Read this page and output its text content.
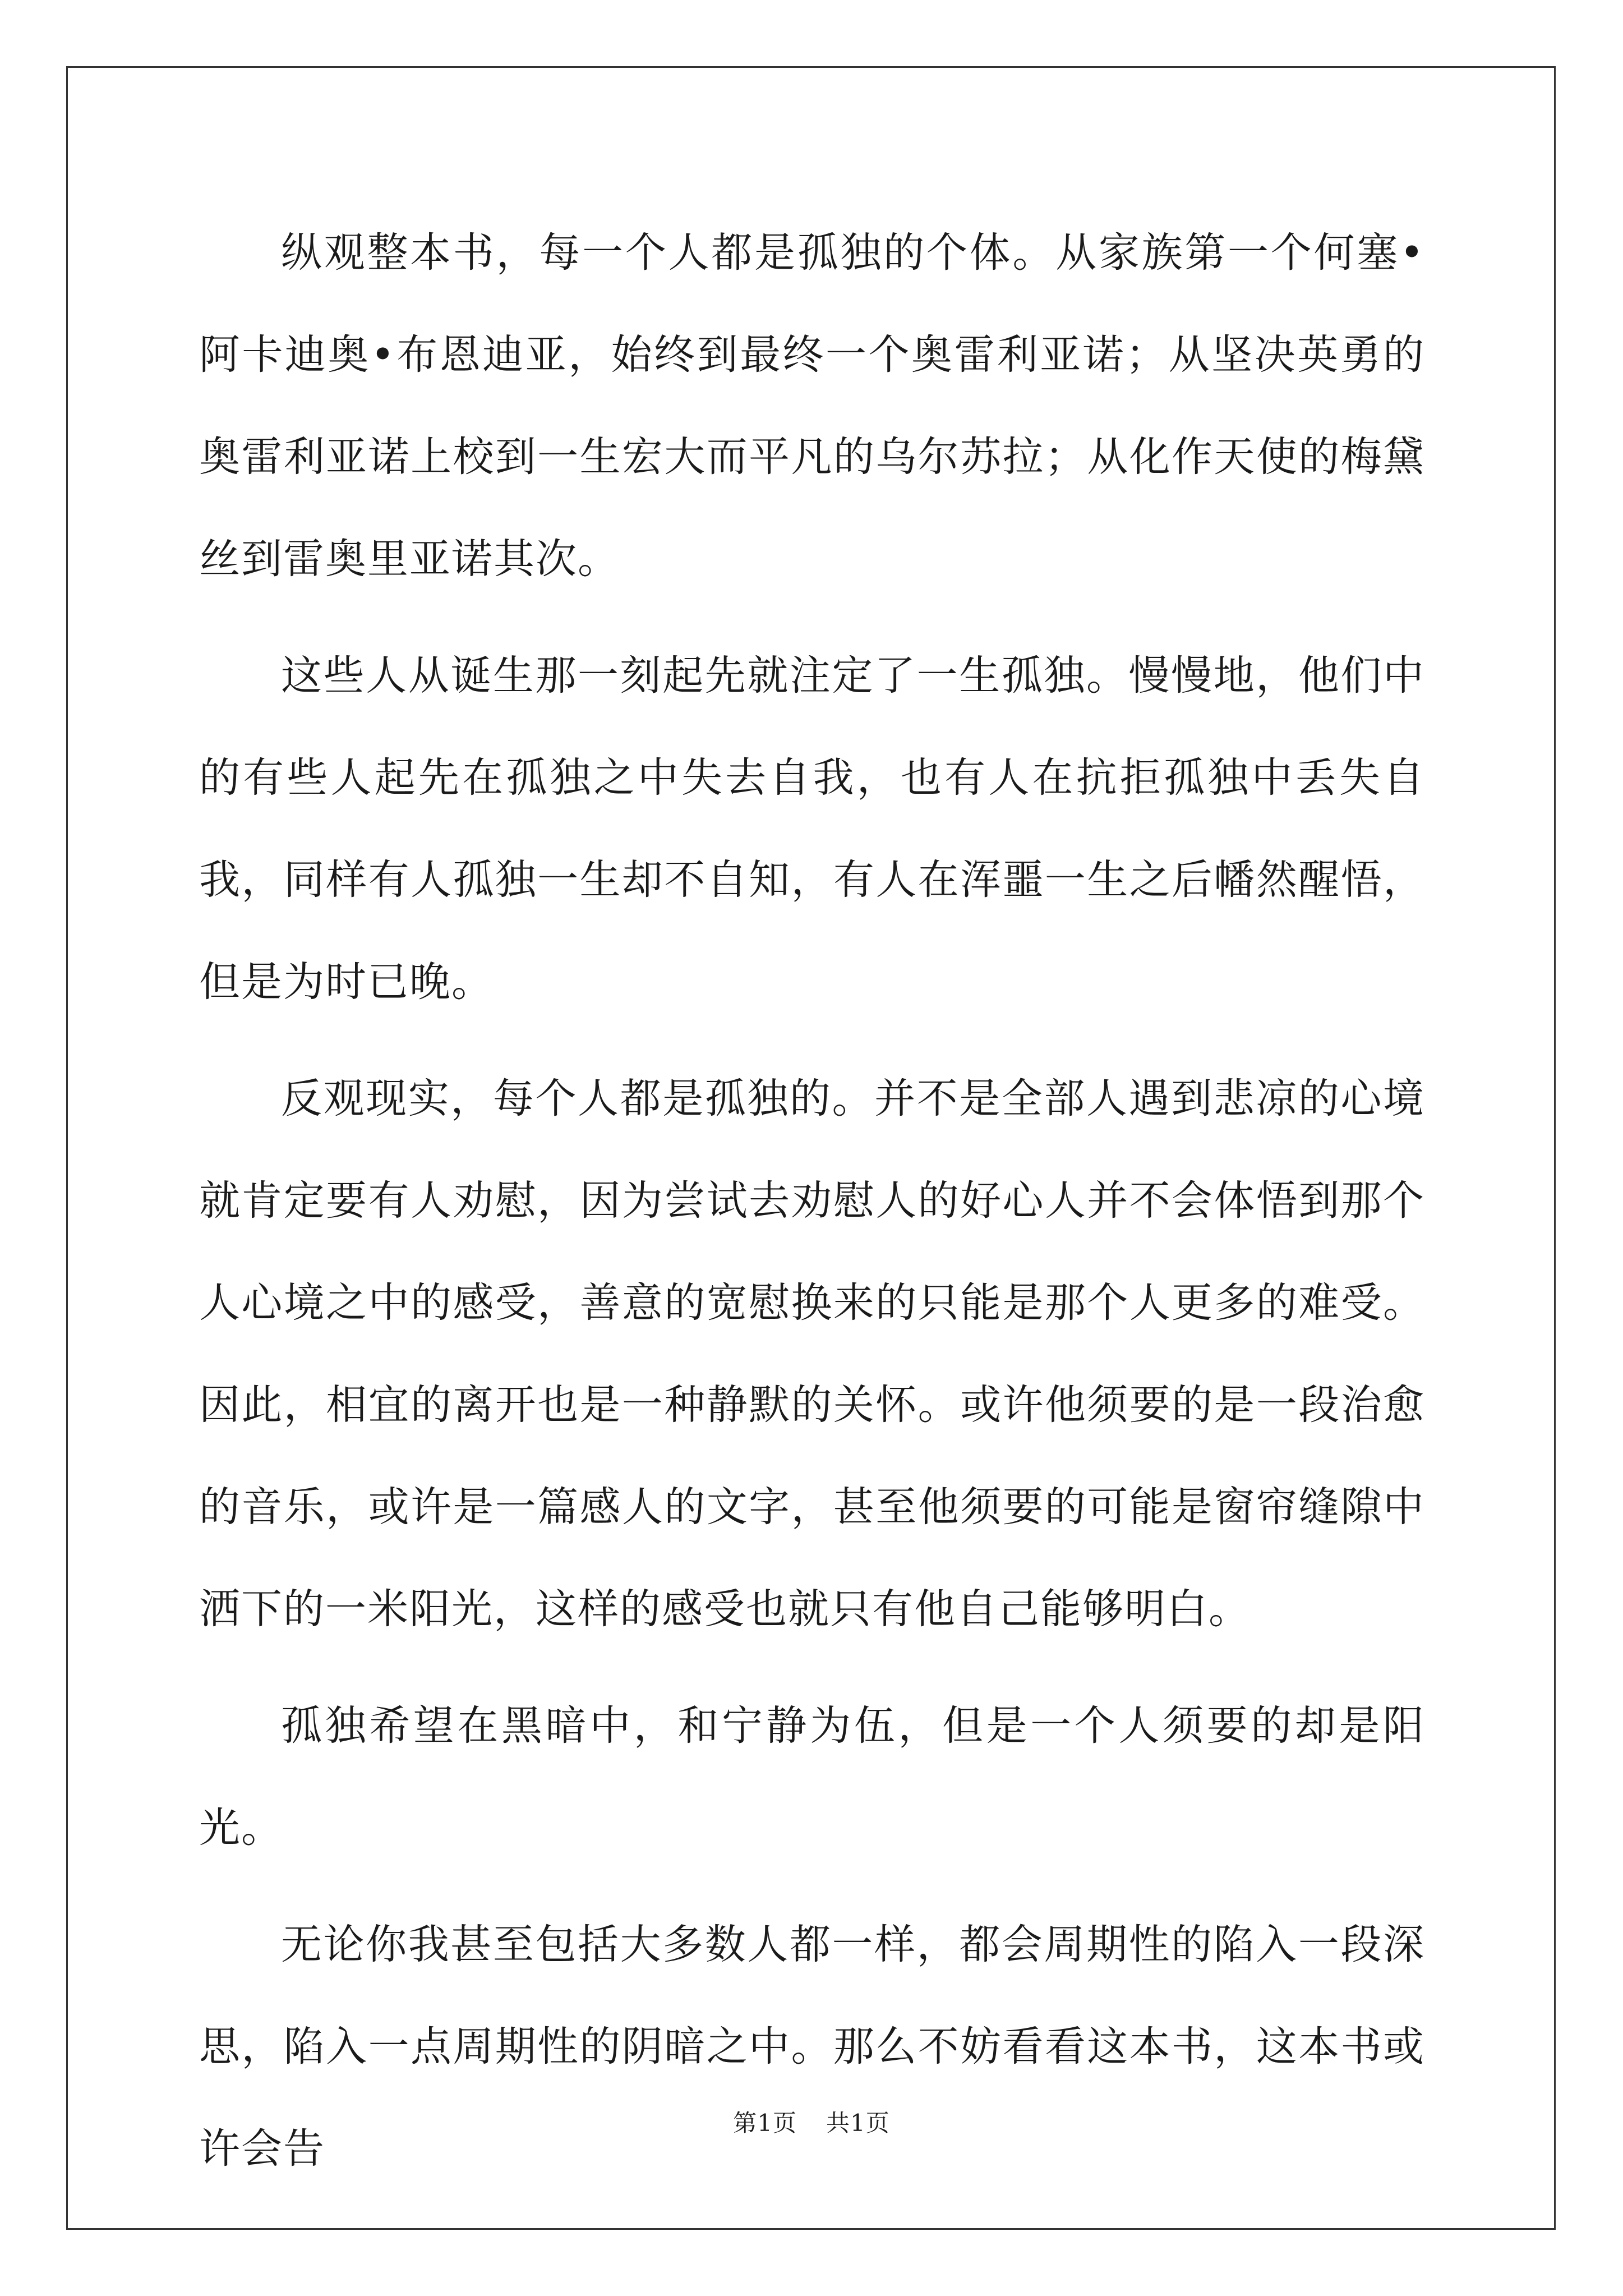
纵观整本书，每一个人都是孤独的个体。从家族第一个何塞•阿卡迪奥•布恩迪亚，始终到最终一个奥雷利亚诺；从坚决英勇的奥雷利亚诺上校到一生宏大而平凡的乌尔苏拉；从化作天使的梅黛丝到雷奥里亚诺其次。

这些人从诞生那一刻起先就注定了一生孤独。慢慢地，他们中的有些人起先在孤独之中失去自我，也有人在抗拒孤独中丢失自我，同样有人孤独一生却不自知，有人在浑噩一生之后幡然醒悟，但是为时已晚。

反观现实，每个人都是孤独的。并不是全部人遇到悲凉的心境就肯定要有人劝慰，因为尝试去劝慰人的好心人并不会体悟到那个人心境之中的感受，善意的宽慰换来的只能是那个人更多的难受。因此，相宜的离开也是一种静默的关怀。或许他须要的是一段治愈的音乐，或许是一篇感人的文字，甚至他须要的可能是窗帘缝隙中洒下的一米阳光，这样的感受也就只有他自己能够明白。

孤独希望在黑暗中，和宁静为伍，但是一个人须要的却是阳光。

无论你我甚至包括大多数人都一样，都会周期性的陷入一段深思，陷入一点周期性的阴暗之中。那么不妨看看这本书，这本书或许会告

第1页 共1页
